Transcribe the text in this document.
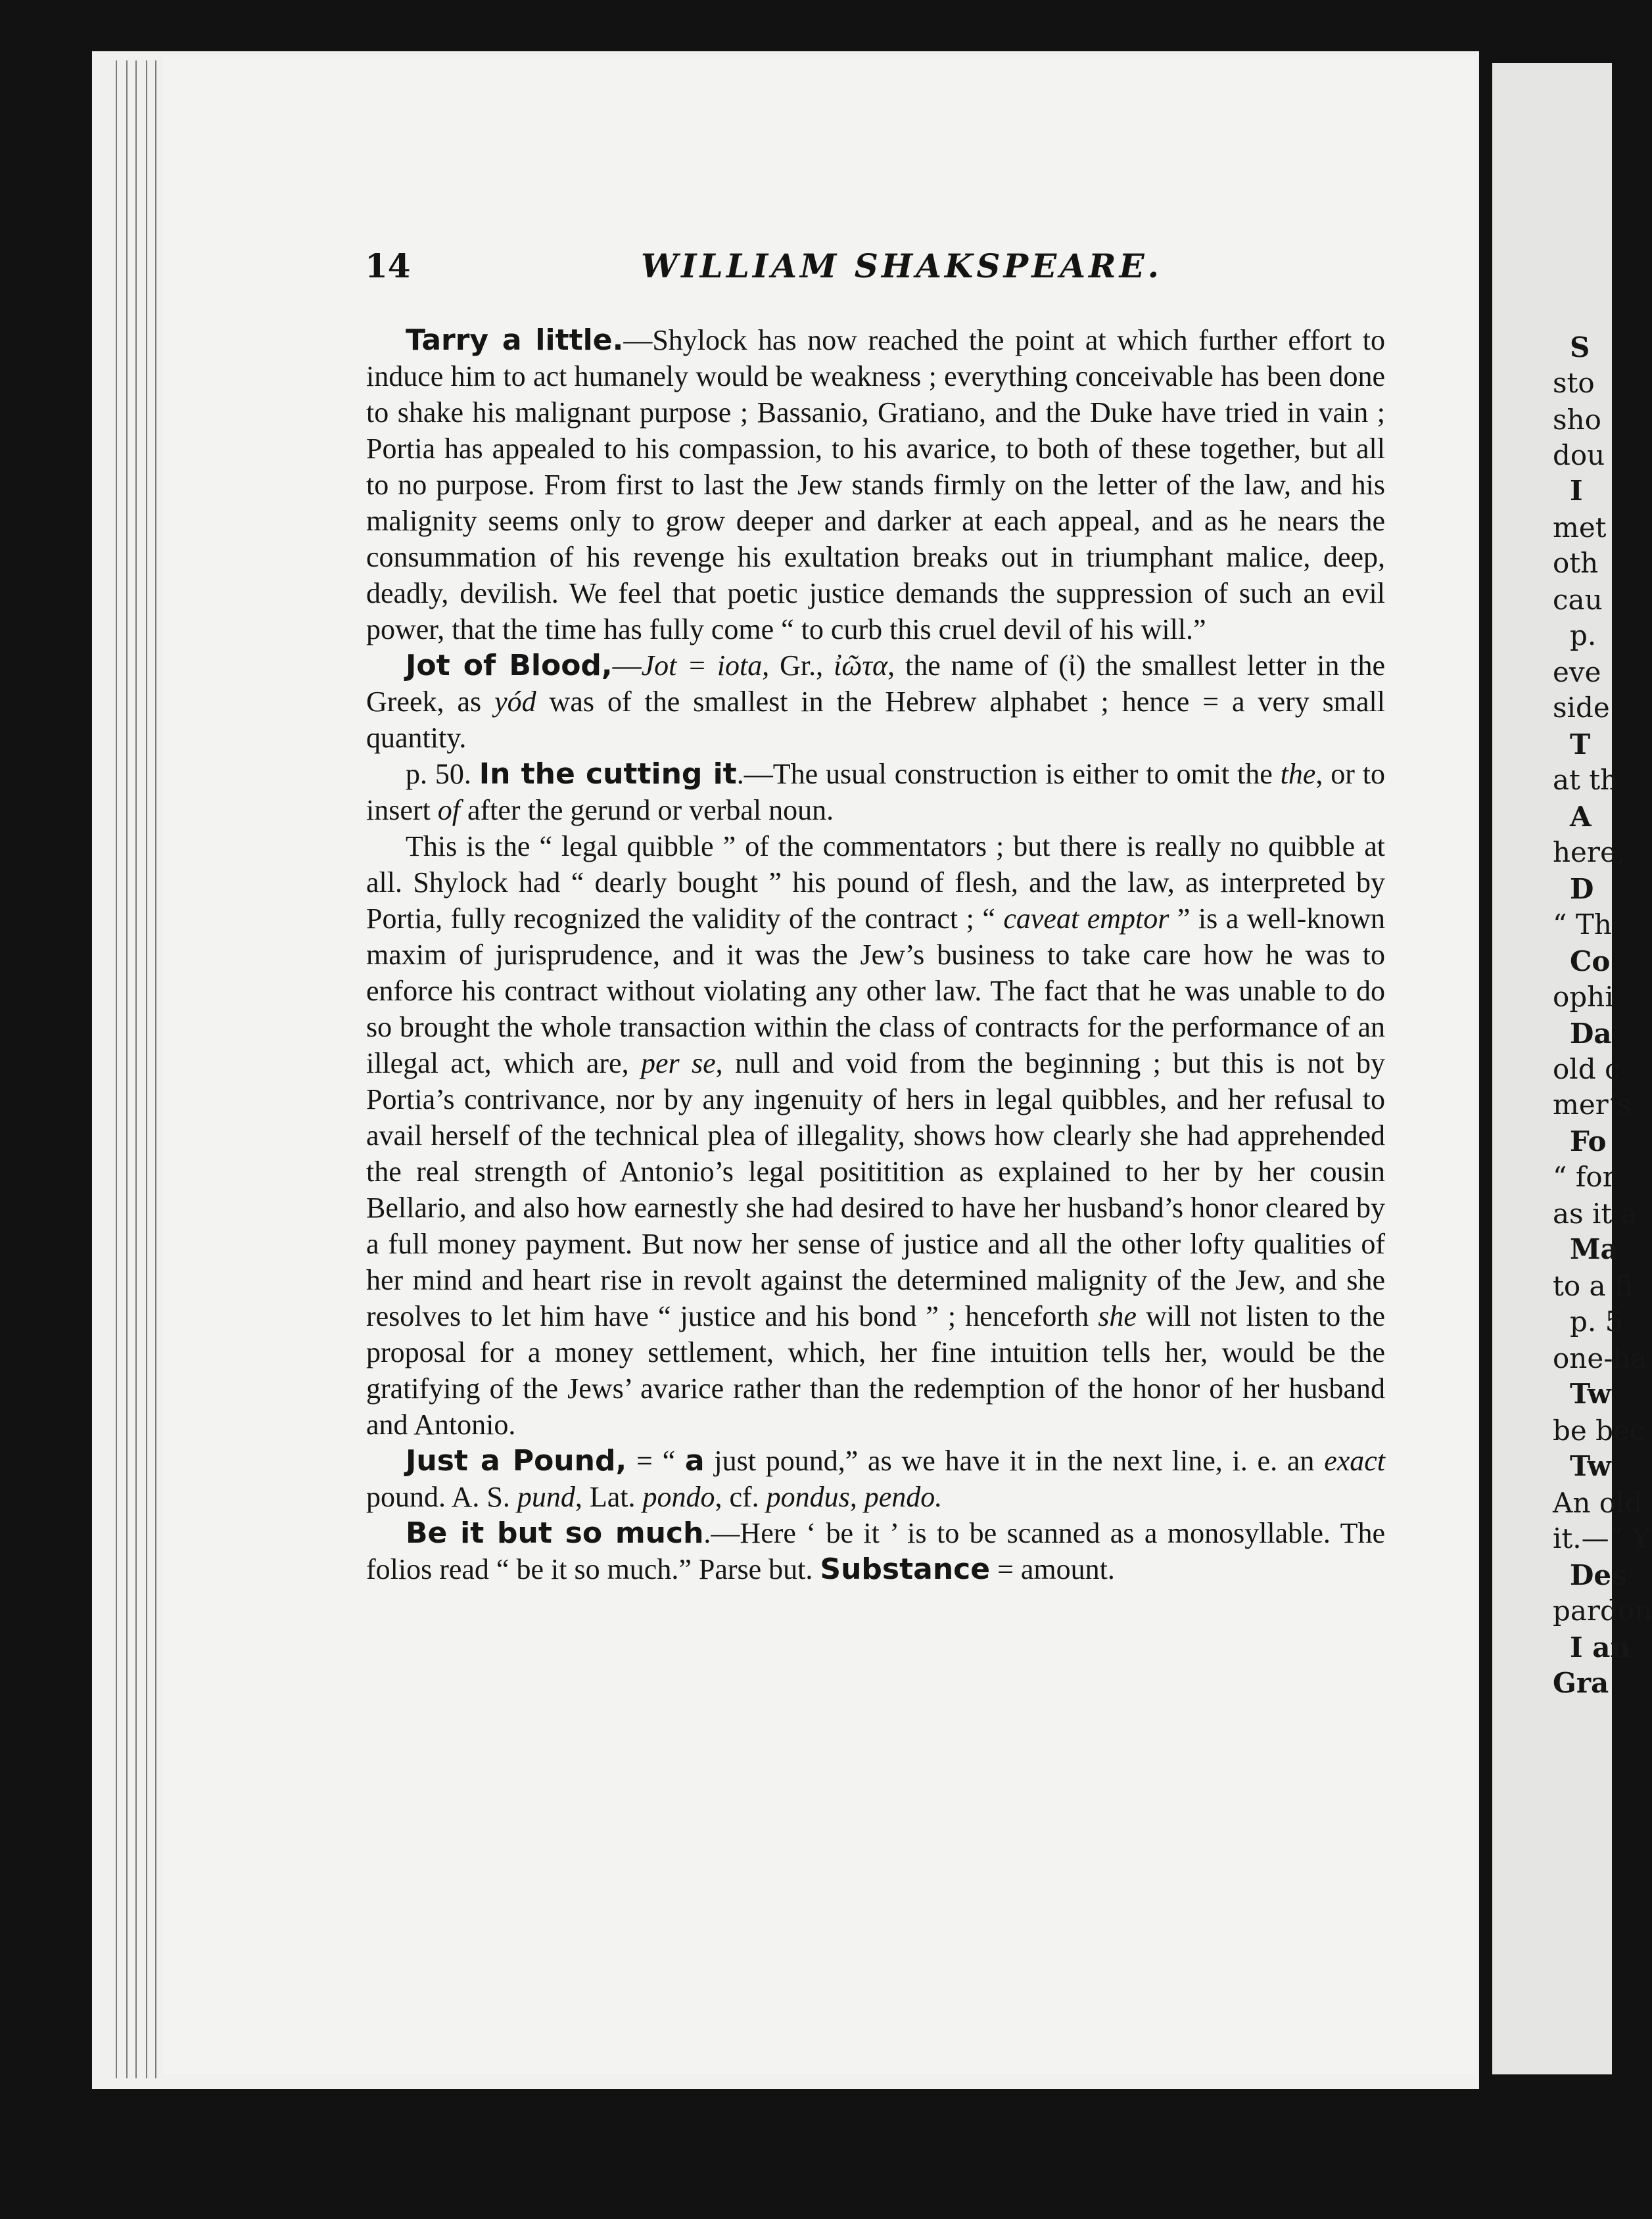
S
sto
sho
dou
I
met
oth
cau
p.
eve
side
T
at th
A
here,
D
“ Th
Co
ophi
Da
old c
mer’s
Fo
“ for
as it a
Ma
to a fi
p. 5
one-ha
Tw
be bec
Tw
An old
it.—“ Y
Des
pardon
I an
Gra
14	WILLIAM SHAKSPEARE.

Tarry a little.—Shylock has now reached the point at which further effort to induce him to act humanely would be weakness ; everything conceivable has been done to shake his malignant purpose ; Bassanio, Gratiano, and the Duke have tried in vain ; Portia has appealed to his compassion, to his avarice, to both of these together, but all to no purpose. From first to last the Jew stands firmly on the letter of the law, and his malignity seems only to grow deeper and darker at each appeal, and as he nears the consummation of his revenge his exultation breaks out in triumphant malice, deep, deadly, devilish. We feel that poetic justice demands the suppression of such an evil power, that the time has fully come “ to curb this cruel devil of his will.”

Jot of Blood,—Jot = iota, Gr., ἰῶτα, the name of (ἰ) the smallest letter in the Greek, as yód was of the smallest in the Hebrew alphabet ; hence = a very small quantity.

p. 50. In the cutting it.—The usual construction is either to omit the the, or to insert of after the gerund or verbal noun.

This is the “ legal quibble ” of the commentators ; but there is really no quibble at all. Shylock had “ dearly bought ” his pound of flesh, and the law, as interpreted by Portia, fully recognized the validity of the contract ; “ caveat emptor ” is a well-known maxim of jurisprudence, and it was the Jew’s business to take care how he was to enforce his contract without violating any other law. The fact that he was unable to do so brought the whole transaction within the class of contracts for the performance of an illegal act, which are, per se, null and void from the beginning ; but this is not by Portia’s contrivance, nor by any ingenuity of hers in legal quibbles, and her refusal to avail herself of the technical plea of illegality, shows how clearly she had apprehended the real strength of Antonio’s legal posititition as explained to her by her cousin Bellario, and also how earnestly she had desired to have her husband’s honor cleared by a full money payment. But now her sense of justice and all the other lofty qualities of her mind and heart rise in revolt against the determined malignity of the Jew, and she resolves to let him have “ justice and his bond ” ; henceforth she will not listen to the proposal for a money settlement, which, her fine intuition tells her, would be the gratifying of the Jews’ avarice rather than the redemption of the honor of her husband and Antonio.

Just a Pound, = “ a just pound,” as we have it in the next line, i. e. an exact pound. A. S. pund, Lat. pondo, cf. pondus, pendo.

Be it but so much.—Here ‘ be it ’ is to be scanned as a monosyllable. The folios read “ be it so much.” Parse but. Substance = amount.
